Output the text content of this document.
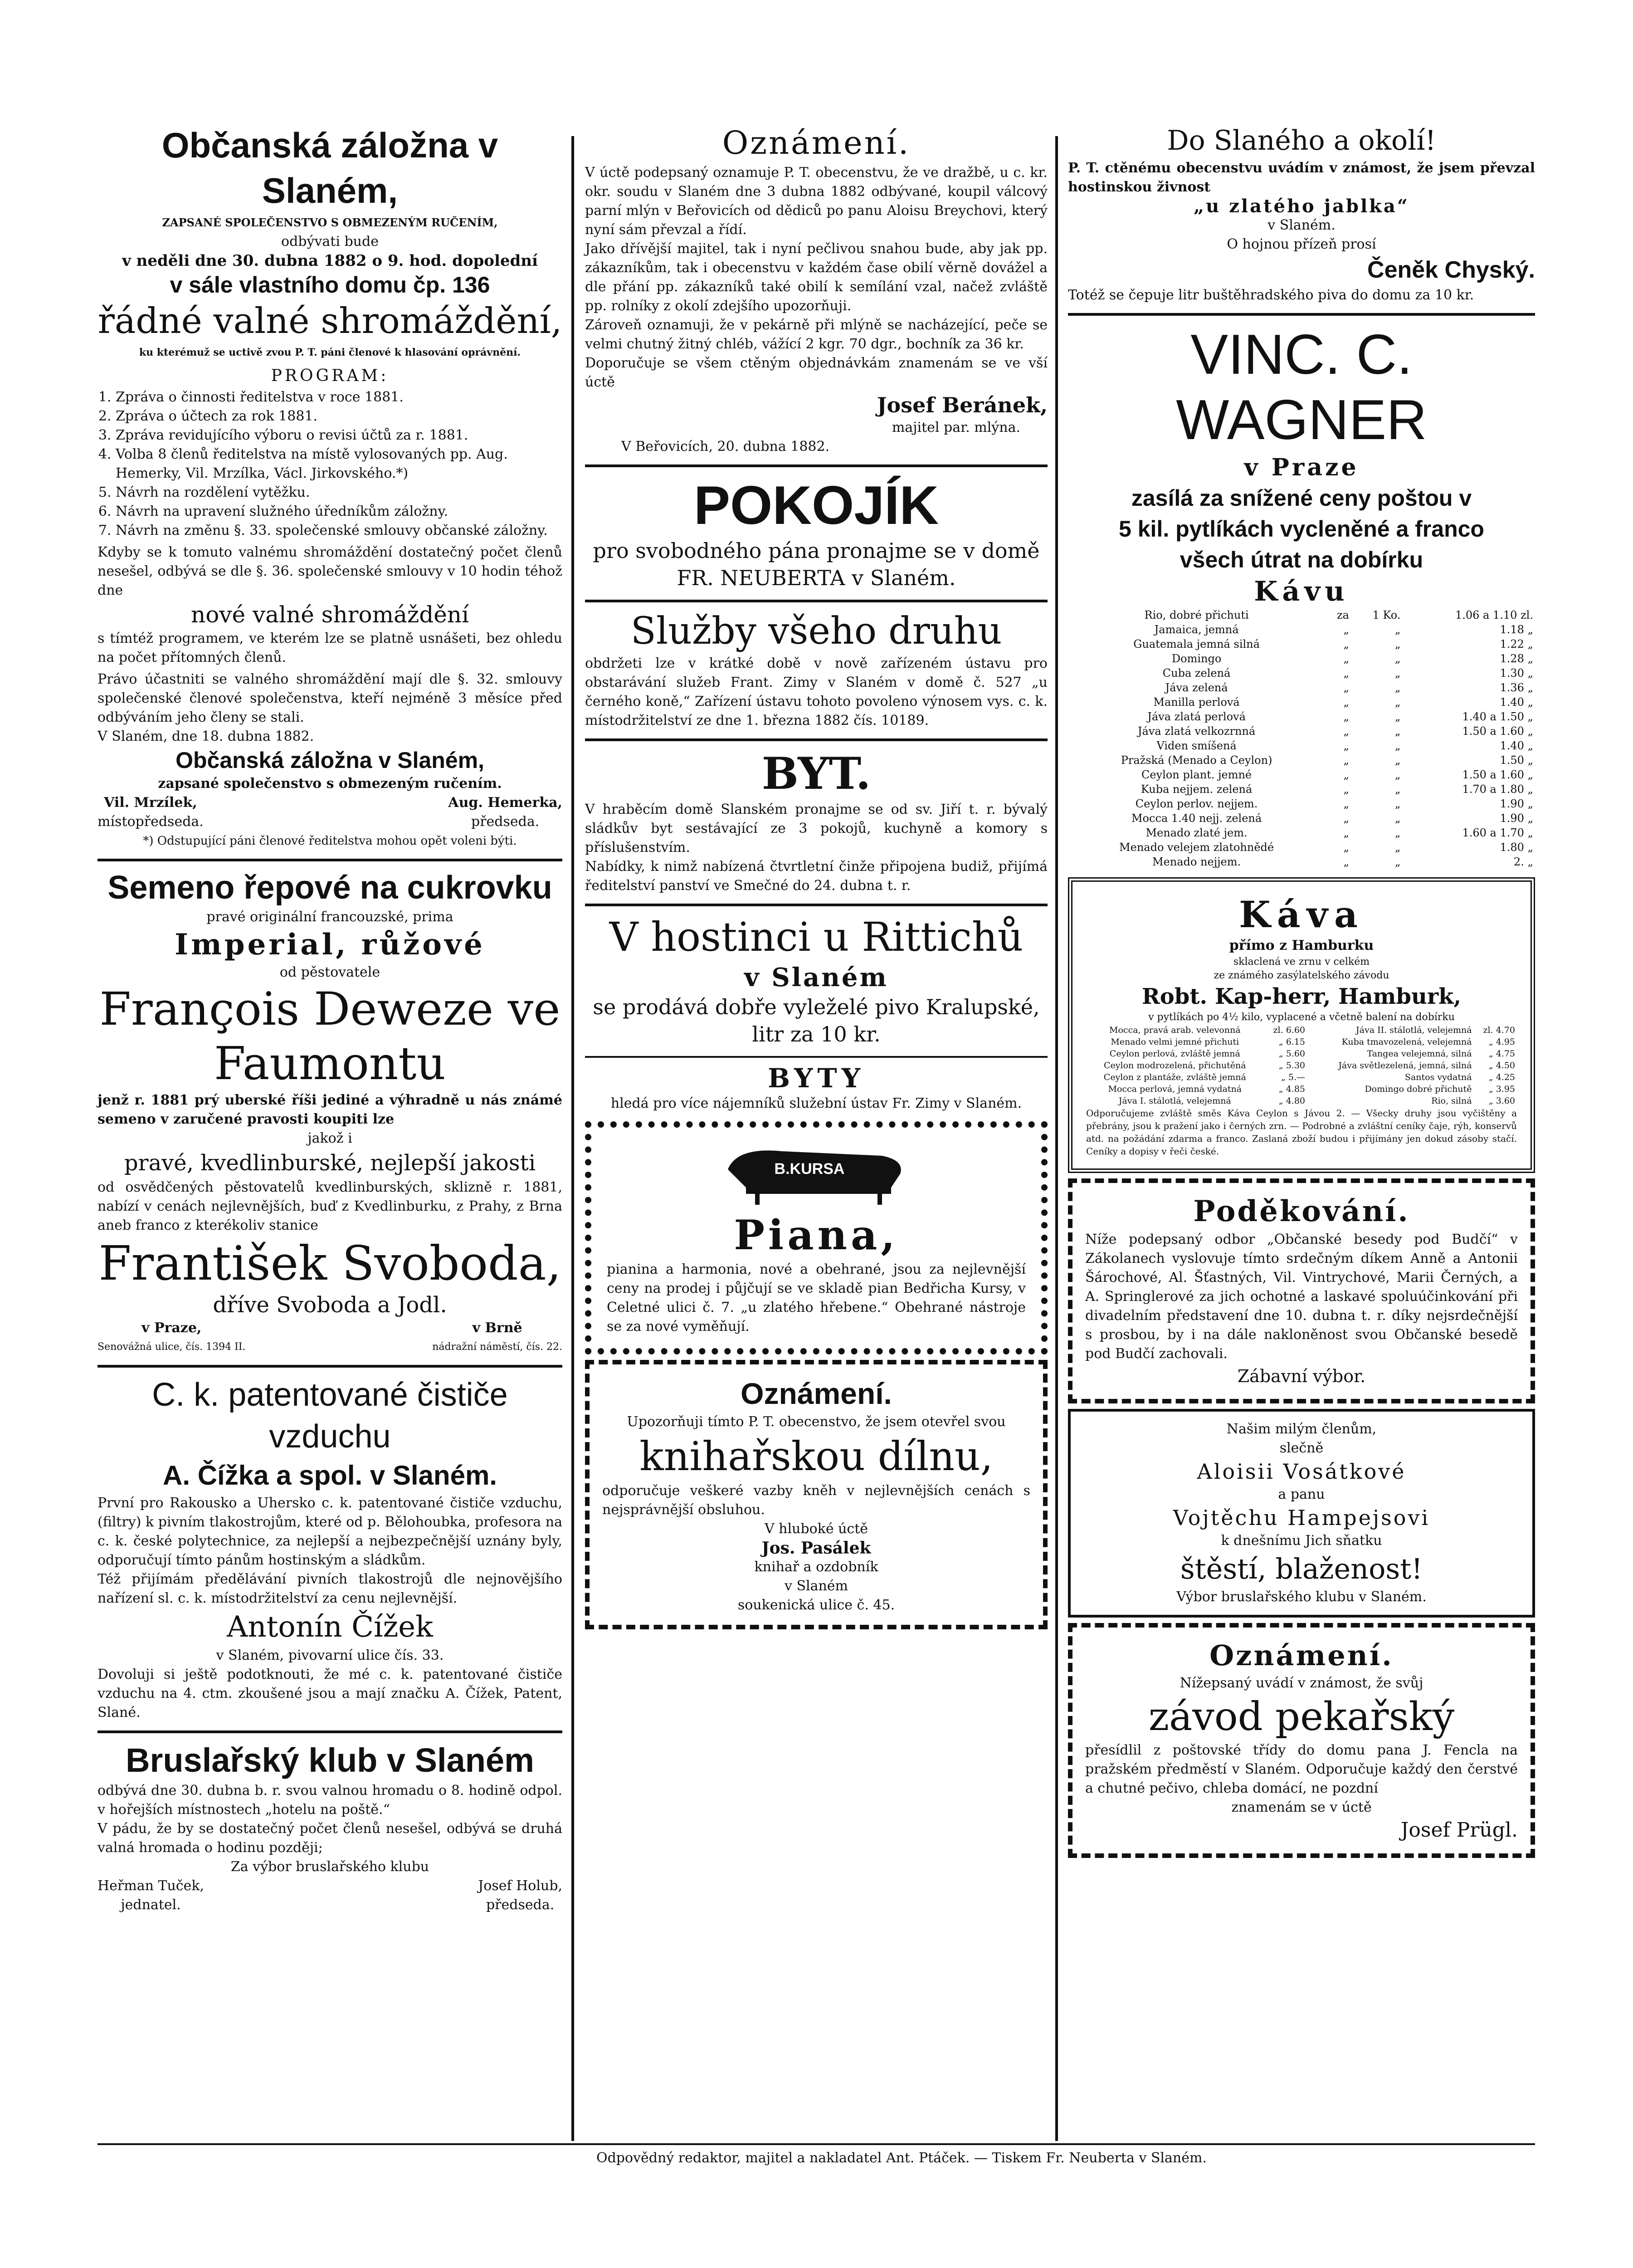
Občanská záložna v Slaném,
ZAPSANÉ SPOLEČENSTVO S OBMEZENÝM RUČENÍM,
odbývati bude
v neděli dne 30. dubna 1882 o 9. hod. dopolední
v sále vlastního domu čp. 136
řádné valné shromáždění,
ku kterémuž se uctivě zvou P. T. páni členové k hlasování oprávnění.
PROGRAM:
1. Zpráva o činnosti ředitelstva v roce 1881.
2. Zpráva o účtech za rok 1881.
3. Zpráva revidujícího výboru o revisi účtů za r. 1881.
4. Volba 8 členů ředitelstva na místě vylosovaných pp. Aug. Hemerky, Vil. Mrzílka, Václ. Jirkovského.*)
5. Návrh na rozdělení vytěžku.
6. Návrh na upravení služného úředníkům záložny.
7. Návrh na změnu §. 33. společenské smlouvy občanské záložny.
Kdyby se k tomuto valnému shromáždění dostatečný počet členů nesešel, odbývá se dle §. 36. společenské smlouvy v 10 hodin téhož dne
nové valné shromáždění
s tímtéž programem, ve kterém lze se platně usnášeti, bez ohledu na počet přítomných členů.
Právo účastniti se valného shromáždění mají dle §. 32. smlouvy společenské členové společenstva, kteří nejméně 3 měsíce před odbýváním jeho členy se stali.
V Slaném, dne 18. dubna 1882.
Občanská záložna v Slaném,
zapsané společenstvo s obmezeným ručením.
Vil. Mrzílek,
místopředseda.
Aug. Hemerka,
předseda.
*) Odstupující páni členové ředitelstva mohou opět voleni býti.
Semeno řepové na cukrovku
pravé originální francouzské, prima
Imperial, růžové
od pěstovatele
François Deweze ve Faumontu
jenž r. 1881 prý uberské říši jediné a výhradně u nás známé semeno v zaručené pravosti koupiti lze
jakož i
pravé, kvedlinburské, nejlepší jakosti
od osvědčených pěstovatelů kvedlinburských, sklizně r. 1881, nabízí v cenách nejlevnějších, buď z Kvedlinburku, z Prahy, z Brna aneb franco z kterékoliv stanice
František Svoboda,
dříve Svoboda a Jodl.
v Praze,
Senovážná ulice, čís. 1394 II.
v Brně
nádražní náměstí, čís. 22.
C. k. patentované čističe vzduchu
A. Čížka a spol. v Slaném.
První pro Rakousko a Uhersko c. k. patentované čističe vzduchu, (filtry) k pivním tlakostrojům, které od p. Bělohoubka, profesora na c. k. české polytechnice, za nejlepší a nejbezpečnější uznány byly, odporučují tímto pánům hostinským a sládkům.
Též přijímám předělávání pivních tlakostrojů dle nejnovějšího nařízení sl. c. k. místodržitelství za cenu nejlevnější.
Antonín Čížek
v Slaném, pivovarní ulice čís. 33.
Dovoluji si ještě podotknouti, že mé c. k. patentované čističe vzduchu na 4. ctm. zkoušené jsou a mají značku A. Čížek, Patent, Slané.
Bruslařský klub v Slaném
odbývá dne 30. dubna b. r. svou valnou hromadu o 8. hodině odpol. v hořejších místnostech „hotelu na poště.“
V pádu, že by se dostatečný počet členů nesešel, odbývá se druhá valná hromada o hodinu později;
Za výbor bruslařského klubu
Heřman Tuček,
jednatel.
Josef Holub,
předseda.
Oznámení.
V úctě podepsaný oznamuje P. T. obecenstvu, že ve dražbě, u c. kr. okr. soudu v Slaném dne 3 dubna 1882 odbývané, koupil válcový parní mlýn v Beřovicích od dědiců po panu Aloisu Breychovi, který nyní sám převzal a řídí.
Jako dřívější majitel, tak i nyní pečlivou snahou bude, aby jak pp. zákazníkům, tak i obecenstvu v každém čase obilí věrně dovážel a dle přání pp. zákazníků také obilí k semílání vzal, načež zvláště pp. rolníky z okolí zdejšího upozorňuji.
Zároveň oznamuji, že v pekárně při mlýně se nacházející, peče se velmi chutný žitný chléb, vážící 2 kgr. 70 dgr., bochník za 36 kr.
Doporučuje se všem ctěným objednávkám znamenám se ve vší úctě
Josef Beránek,
majitel par. mlýna.
V Beřovicích, 20. dubna 1882.
POKOJÍK
pro svobodného pána pronajme se v domě
FR. NEUBERTA v Slaném.
Služby všeho druhu
obdržeti lze v krátké době v nově zařízeném ústavu pro obstarávání služeb Frant. Zimy v Slaném v domě č. 527 „u černého koně,“ Zařízení ústavu tohoto povoleno výnosem vys. c. k. místodržitelství ze dne 1. března 1882 čís. 10189.
BYT.
V hraběcím domě Slanském pronajme se od sv. Jiří t. r. bývalý sládkův byt sestávající ze 3 pokojů, kuchyně a komory s příslušenstvím.
Nabídky, k nimž nabízená čtvrtletní činže připojena budiž, přijímá ředitelství panství ve Smečné do 24. dubna t. r.
V hostinci u Rittichů
v Slaném
se prodává dobře vyleželé pivo Kralupské, litr za 10 kr.
BYTY
hledá pro více nájemníků služební ústav Fr. Zimy v Slaném.
B.KURSA
Piana,
pianina a harmonia, nové a obehrané, jsou za nejlevnější ceny na prodej i půjčují se ve skladě pian Bedřicha Kursy, v Celetné ulici č. 7. „u zlatého hřebene.“ Obehrané nástroje se za nové vyměňují.
Oznámení.
Upozorňuji tímto P. T. obecenstvo, že jsem otevřel svou
knihařskou dílnu,
odporučuje veškeré vazby kněh v nejlevnějších cenách s nejsprávnější obsluhou.
V hluboké úctě
Jos. Pasálek
knihař a ozdobník
v Slaném
soukenická ulice č. 45.
Do Slaného a okolí!
P. T. ctěnému obecenstvu uvádím v známost, že jsem převzal hostinskou živnost
„u zlatého jablka“
v Slaném.
O hojnou přízeň prosí
Čeněk Chyský.
Totéž se čepuje litr buštěhradského piva do domu za 10 kr.
VINC. C. WAGNER
v Praze
zasílá za snížené ceny poštou v
5 kil. pytlíkách vycleněné a franco
všech útrat na dobírku
Kávu
Rio, dobré přichuti	za	1 Ko.	1.06 a 1.10 zl.
Jamaica, jemná	„	„	1.18 „
Guatemala jemná silná	„	„	1.22 „
Domingo	„	„	1.28 „
Cuba zelená	„	„	1.30 „
Jáva zelená	„	„	1.36 „
Manilla perlová	„	„	1.40 „
Jáva zlatá perlová	„	„	1.40 a 1.50 „
Jáva zlatá velkozrnná	„	„	1.50 a 1.60 „
Viden smíšená	„	„	1.40 „
Pražská (Menado a Ceylon)	„	„	1.50 „
Ceylon plant. jemné	„	„	1.50 a 1.60 „
Kuba nejjem. zelená	„	„	1.70 a 1.80 „
Ceylon perlov. nejjem.	„	„	1.90 „
Mocca 1.40 nejj. zelená	„	„	1.90 „
Menado zlaté jem.	„	„	1.60 a 1.70 „
Menado velejem zlatohnědé	„	„	1.80 „
Menado nejjem.	„	„	2. „
Káva
přímo z Hamburku
sklaclená ve zrnu v celkém
ze známého zasýlatelského závodu
Robt. Kap-herr, Hamburk,
v pytlíkách po 4½ kilo, vyplacené a včetně balení na dobírku
Mocca, pravá arab. velevonná	zl. 6.60	Jáva II. stálotlá, velejemná	zl. 4.70
Menado velmi jemné přichuti	„ 6.15	Kuba tmavozelená, velejemná	„ 4.95
Ceylon perlová, zvláště jemná	„ 5.60	Tangea velejemná, silná	„ 4.75
Ceylon modrozelená, přichutěná	„ 5.30	Jáva světlezelená, jemná, silná	„ 4.50
Ceylon z plantáže, zvláště jemná	„ 5.—	Santos vydatná	„ 4.25
Mocca perlová, jemná vydatná	„ 4.85	Domingo dobré přichutě	„ 3.95
Jáva I. stálotlá, velejemná	„ 4.80	Rio, silná	„ 3.60
Odporučujeme zvláště směs Káva Ceylon s Jávou 2. — Všecky druhy jsou vyčištěny a přebrány, jsou k pražení jako i černých zrn. — Podrobné a zvláštní ceníky čaje, rýh, konservů atd. na požádání zdarma a franco. Zaslaná zboží budou i přijímány jen dokud zásoby stačí. Ceníky a dopisy v řeči české.
Poděkování.
Níže podepsaný odbor „Občanské besedy pod Budčí“ v Zákolanech vyslovuje tímto srdečným díkem Anně a Antonii Šárochové, Al. Šťastných, Vil. Vintrychové, Marii Černých, a A. Springlerové za jich ochotné a laskavé spoluúčinkování při divadelním představení dne 10. dubna t. r. díky nejsrdečnější s prosbou, by i na dále nakloněnost svou Občanské besedě pod Budčí zachovali.
Zábavní výbor.
Našim milým členům,
slečně
Aloisii Vosátkové
a panu
Vojtěchu Hampejsovi
k dnešnímu Jich sňatku
štěstí, blaženost!
Výbor bruslařského klubu v Slaném.
Oznámení.
Nížepsaný uvádí v známost, že svůj
závod pekařský
přesídlil z poštovské třídy do domu pana J. Fencla na pražském předměstí v Slaném. Odporučuje každý den čerstvé a chutné pečivo, chleba domácí, ne pozdní
znamenám se v úctě
Josef Prügl.
Odpovědný redaktor, majitel a nakladatel Ant. Ptáček. — Tiskem Fr. Neuberta v Slaném.
